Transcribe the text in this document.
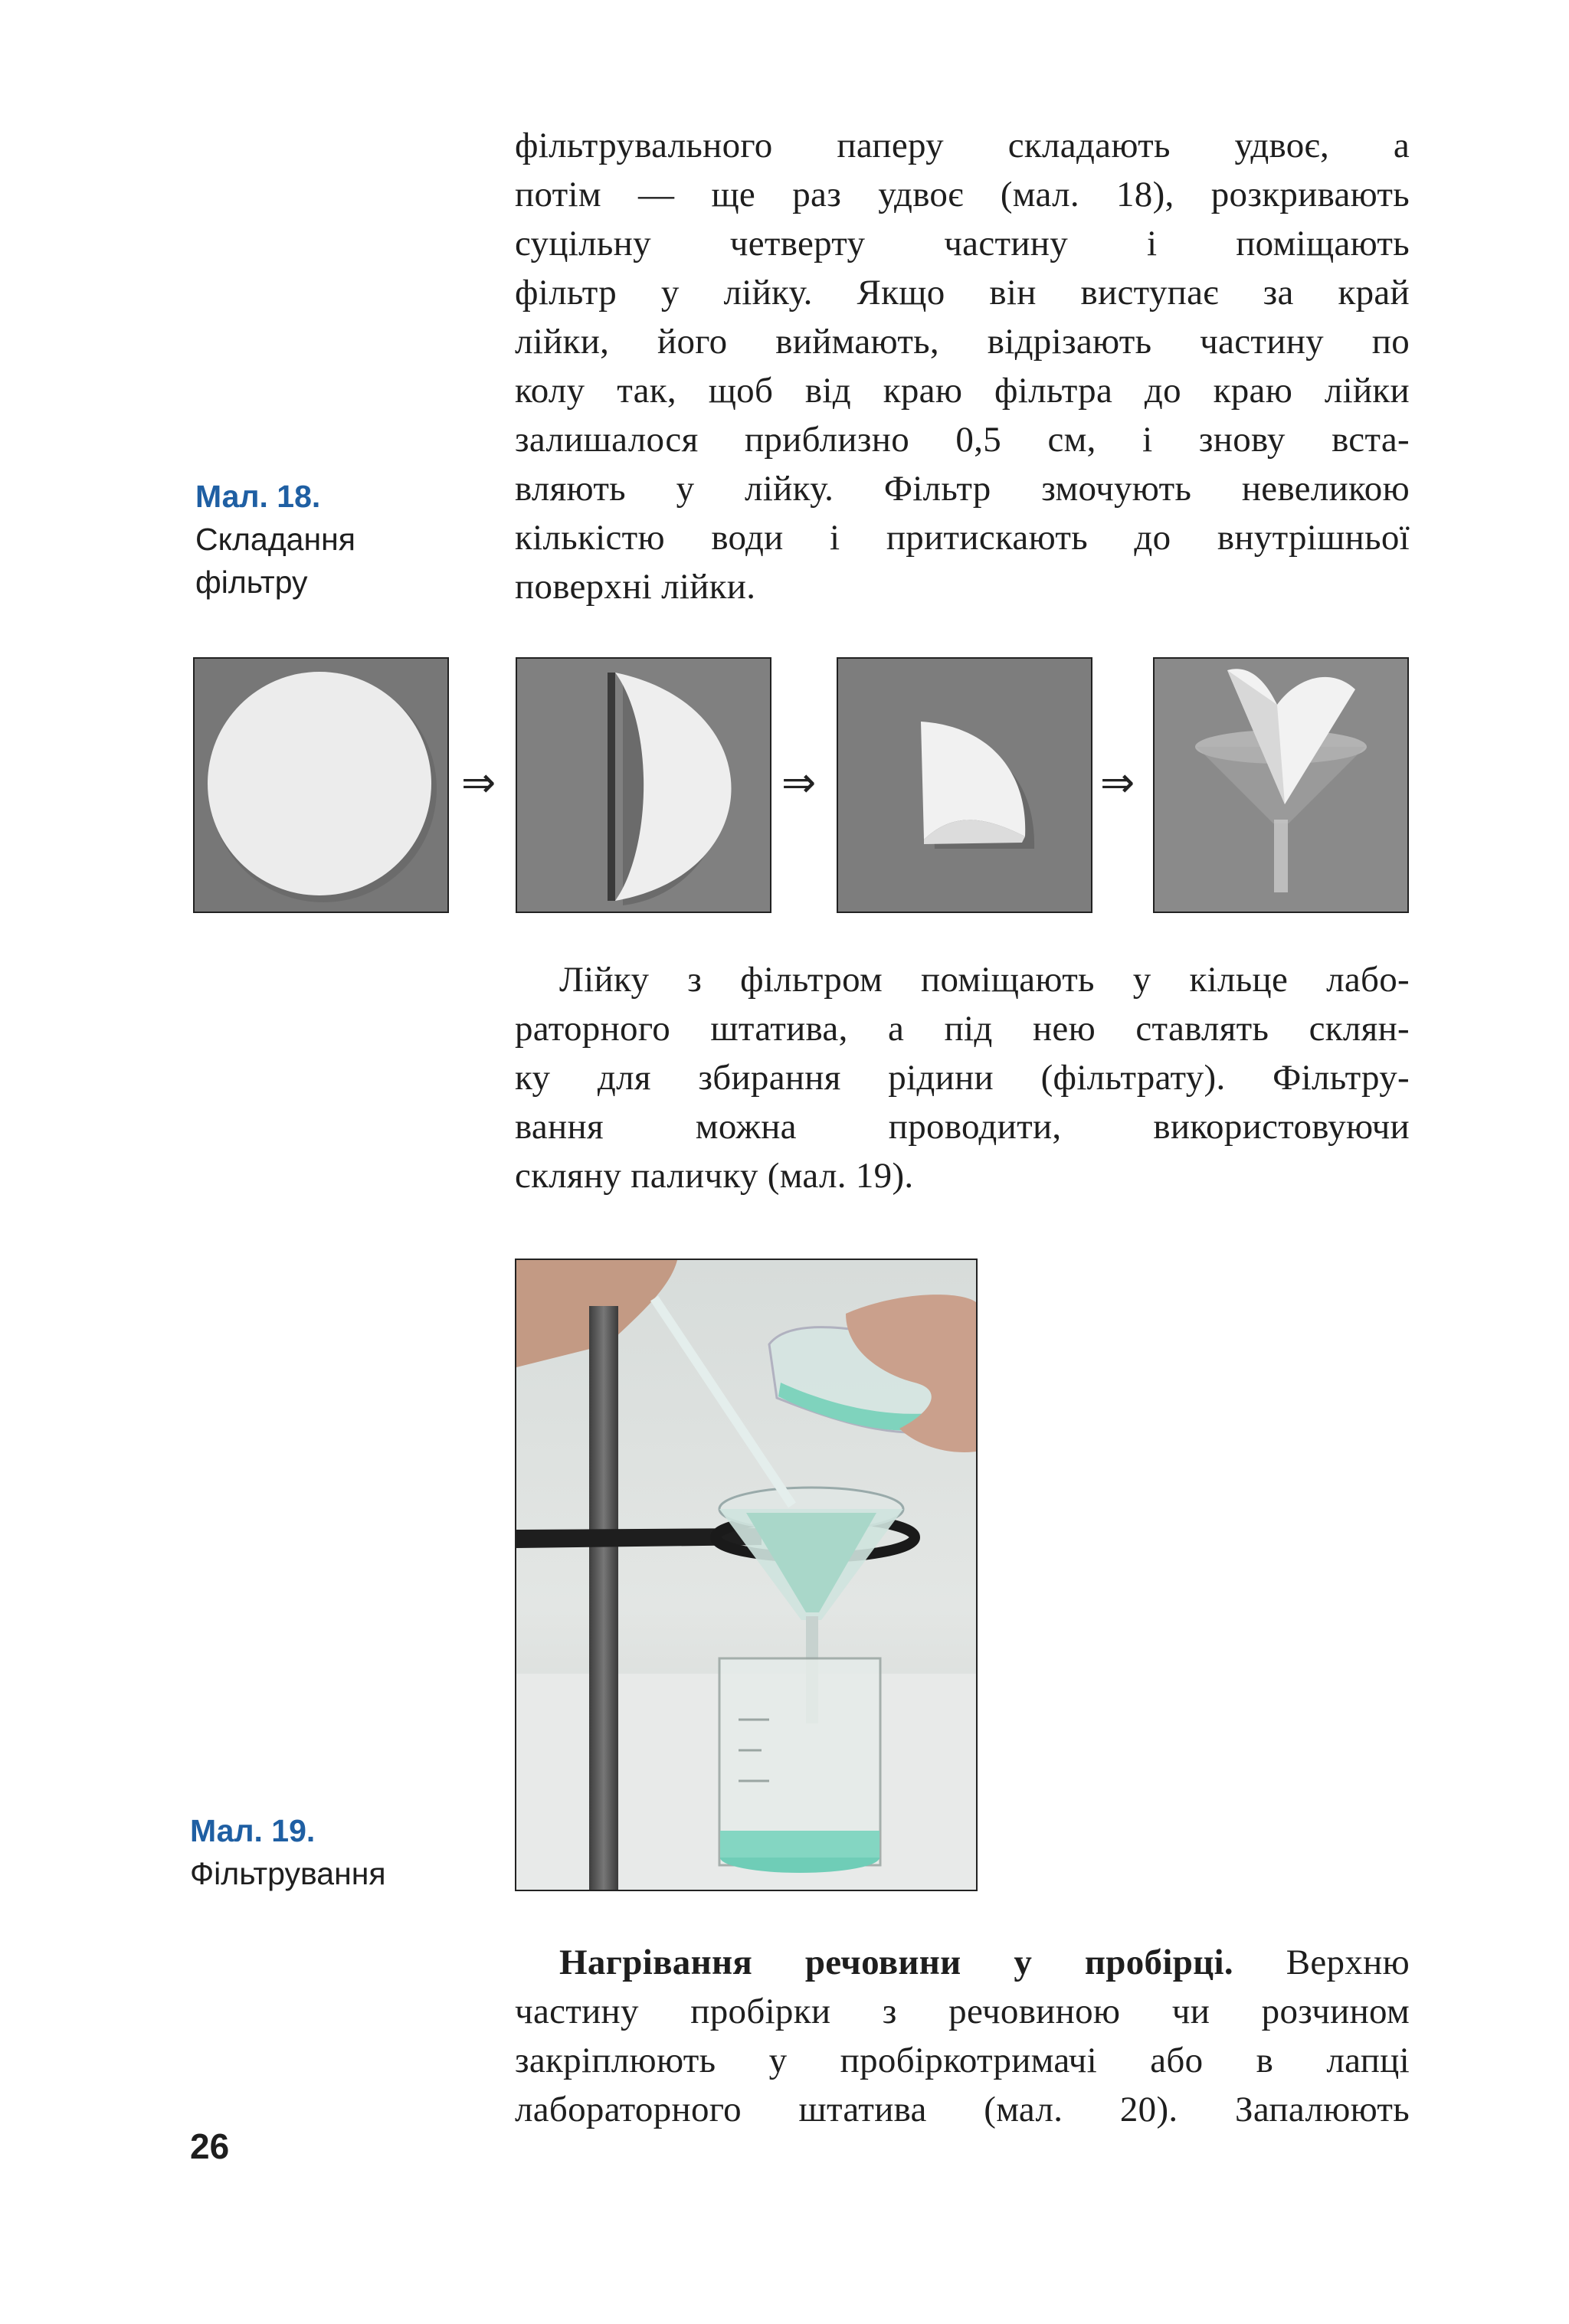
фільтрувального паперу складають удвоє, а
потім — ще раз удвоє (мал. 18), розкривають
суцільну четверту частину і поміщають
фільтр у лійку. Якщо він виступає за край
лійки, його виймають, відрізають частину по
колу так, щоб від краю фільтра до краю лійки
залишалося приблизно 0,5 см, і знову вста-
вляють у лійку. Фільтр змочують невеликою
кількістю води і притискають до внутрішньої
поверхні лійки.
Мал. 18.
Складання
фільтру
⇒	⇒	⇒
Лійку з фільтром поміщають у кільце лабо-
раторного штатива, а під нею ставлять склян-
ку для збирання рідини (фільтрату). Фільтру-
вання можна проводити, використовуючи
скляну паличку (мал. 19).
Мал. 19.
Фільтрування
Нагрівання речовини у пробірці. Верхню
частину пробірки з речовиною чи розчином
закріплюють у пробіркотримачі або в лапці
лабораторного штатива (мал. 20). Запалюють
26
